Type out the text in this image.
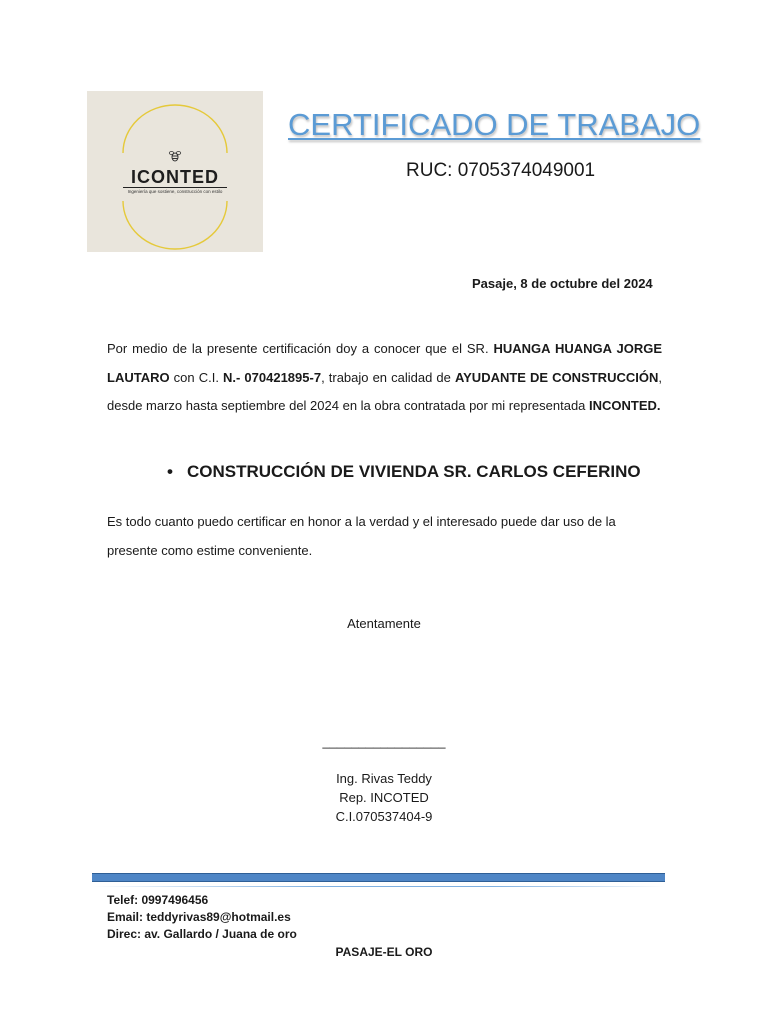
ICONTED
Ingeniería que sostiene, construcción con estilo
CERTIFICADO DE TRABAJO
RUC: 0705374049001
Pasaje, 8 de octubre del 2024
Por medio de la presente certificación doy a conocer que el SR. HUANGA HUANGA JORGE LAUTARO con C.I. N.- 070421895-7, trabajo en calidad de AYUDANTE DE CONSTRUCCIÓN, desde marzo hasta septiembre del 2024 en la obra contratada por mi representada INCONTED.
• CONSTRUCCIÓN DE VIVIENDA SR. CARLOS CEFERINO
Es todo cuanto puedo certificar en honor a la verdad y el interesado puede dar uso de la presente como estime conveniente.
Atentamente
_________________
Ing. Rivas Teddy
Rep. INCOTED
C.I.070537404-9
Telef: 0997496456
Email: teddyrivas89@hotmail.es
Direc: av. Gallardo / Juana de oro
PASAJE-EL ORO
